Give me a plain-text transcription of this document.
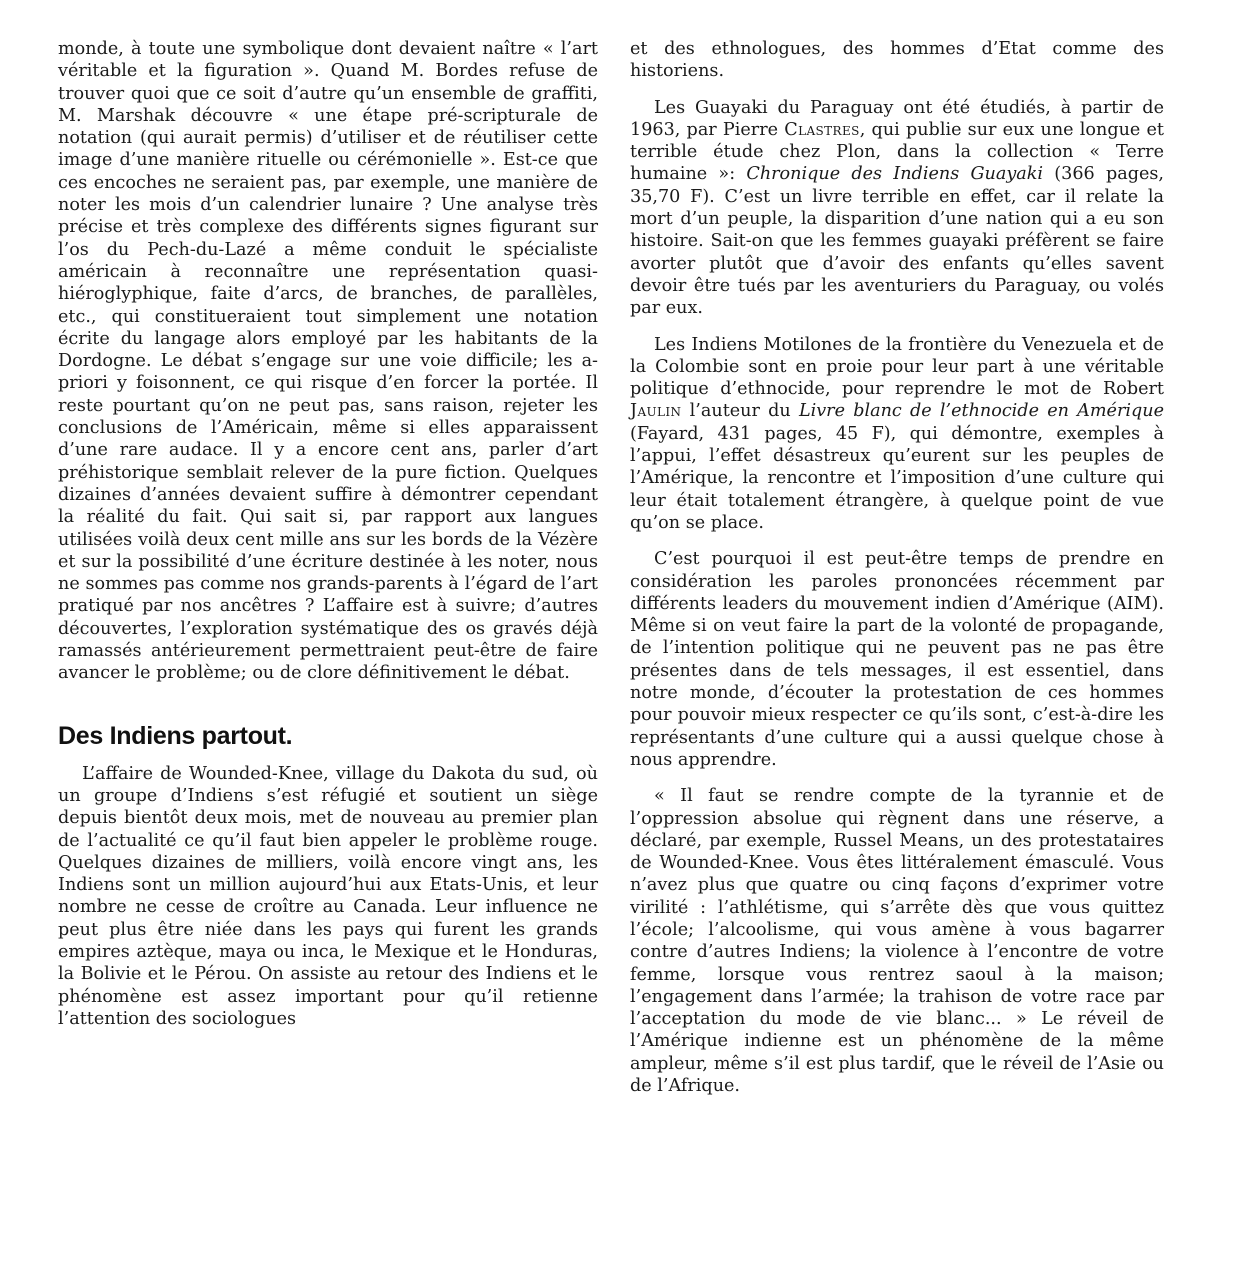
monde, à toute une symbolique dont devaient naître « l’art véritable et la figuration ». Quand M. Bordes refuse de trouver quoi que ce soit d’autre qu’un ensemble de graffiti, M. Marshak découvre « une étape pré-scripturale de notation (qui aurait permis) d’utiliser et de réutiliser cette image d’une manière rituelle ou cérémonielle ». Est-ce que ces encoches ne seraient pas, par exemple, une manière de noter les mois d’un calendrier lunaire ? Une analyse très précise et très complexe des différents signes figurant sur l’os du Pech-du-Lazé a même conduit le spécialiste américain à reconnaître une représentation quasi-hiéroglyphique, faite d’arcs, de branches, de parallèles, etc., qui constitueraient tout simplement une notation écrite du langage alors employé par les habitants de la Dordogne. Le débat s’engage sur une voie difficile; les a-priori y foisonnent, ce qui risque d’en forcer la portée. Il reste pourtant qu’on ne peut pas, sans raison, rejeter les conclusions de l’Américain, même si elles apparaissent d’une rare audace. Il y a encore cent ans, parler d’art préhistorique semblait relever de la pure fiction. Quelques dizaines d’années devaient suffire à démontrer cependant la réalité du fait. Qui sait si, par rapport aux langues utilisées voilà deux cent mille ans sur les bords de la Vézère et sur la possibilité d’une écriture destinée à les noter, nous ne sommes pas comme nos grands-parents à l’égard de l’art pratiqué par nos ancêtres ? L’affaire est à suivre; d’autres découvertes, l’exploration systématique des os gravés déjà ramassés antérieurement permettraient peut-être de faire avancer le problème; ou de clore définitivement le débat.

Des Indiens partout.

L’affaire de Wounded-Knee, village du Dakota du sud, où un groupe d’Indiens s’est réfugié et soutient un siège depuis bientôt deux mois, met de nouveau au premier plan de l’actualité ce qu’il faut bien appeler le problème rouge. Quelques dizaines de milliers, voilà encore vingt ans, les Indiens sont un million aujourd’hui aux Etats-Unis, et leur nombre ne cesse de croître au Canada. Leur influence ne peut plus être niée dans les pays qui furent les grands empires aztèque, maya ou inca, le Mexique et le Honduras, la Bolivie et le Pérou. On assiste au retour des Indiens et le phénomène est assez important pour qu’il retienne l’attention des sociologues

et des ethnologues, des hommes d’Etat comme des historiens.

Les Guayaki du Paraguay ont été étudiés, à partir de 1963, par Pierre Clastres, qui publie sur eux une longue et terrible étude chez Plon, dans la collection « Terre humaine »: Chronique des Indiens Guayaki (366 pages, 35,70 F). C’est un livre terrible en effet, car il relate la mort d’un peuple, la disparition d’une nation qui a eu son histoire. Sait-on que les femmes guayaki préfèrent se faire avorter plutôt que d’avoir des enfants qu’elles savent devoir être tués par les aventuriers du Paraguay, ou volés par eux.

Les Indiens Motilones de la frontière du Venezuela et de la Colombie sont en proie pour leur part à une véritable politique d’ethnocide, pour reprendre le mot de Robert Jaulin l’auteur du Livre blanc de l’ethnocide en Amérique (Fayard, 431 pages, 45 F), qui démontre, exemples à l’appui, l’effet désastreux qu’eurent sur les peuples de l’Amérique, la rencontre et l’imposition d’une culture qui leur était totalement étrangère, à quelque point de vue qu’on se place.

C’est pourquoi il est peut-être temps de prendre en considération les paroles prononcées récemment par différents leaders du mouvement indien d’Amérique (AIM). Même si on veut faire la part de la volonté de propagande, de l’intention politique qui ne peuvent pas ne pas être présentes dans de tels messages, il est essentiel, dans notre monde, d’écouter la protestation de ces hommes pour pouvoir mieux respecter ce qu’ils sont, c’est-à-dire les représentants d’une culture qui a aussi quelque chose à nous apprendre.

« Il faut se rendre compte de la tyrannie et de l’oppression absolue qui règnent dans une réserve, a déclaré, par exemple, Russel Means, un des protestataires de Wounded-Knee. Vous êtes littéralement émasculé. Vous n’avez plus que quatre ou cinq façons d’exprimer votre virilité : l’athlétisme, qui s’arrête dès que vous quittez l’école; l’alcoolisme, qui vous amène à vous bagarrer contre d’autres Indiens; la violence à l’encontre de votre femme, lorsque vous rentrez saoul à la maison; l’engagement dans l’armée; la trahison de votre race par l’acceptation du mode de vie blanc... » Le réveil de l’Amérique indienne est un phénomène de la même ampleur, même s’il est plus tardif, que le réveil de l’Asie ou de l’Afrique.
